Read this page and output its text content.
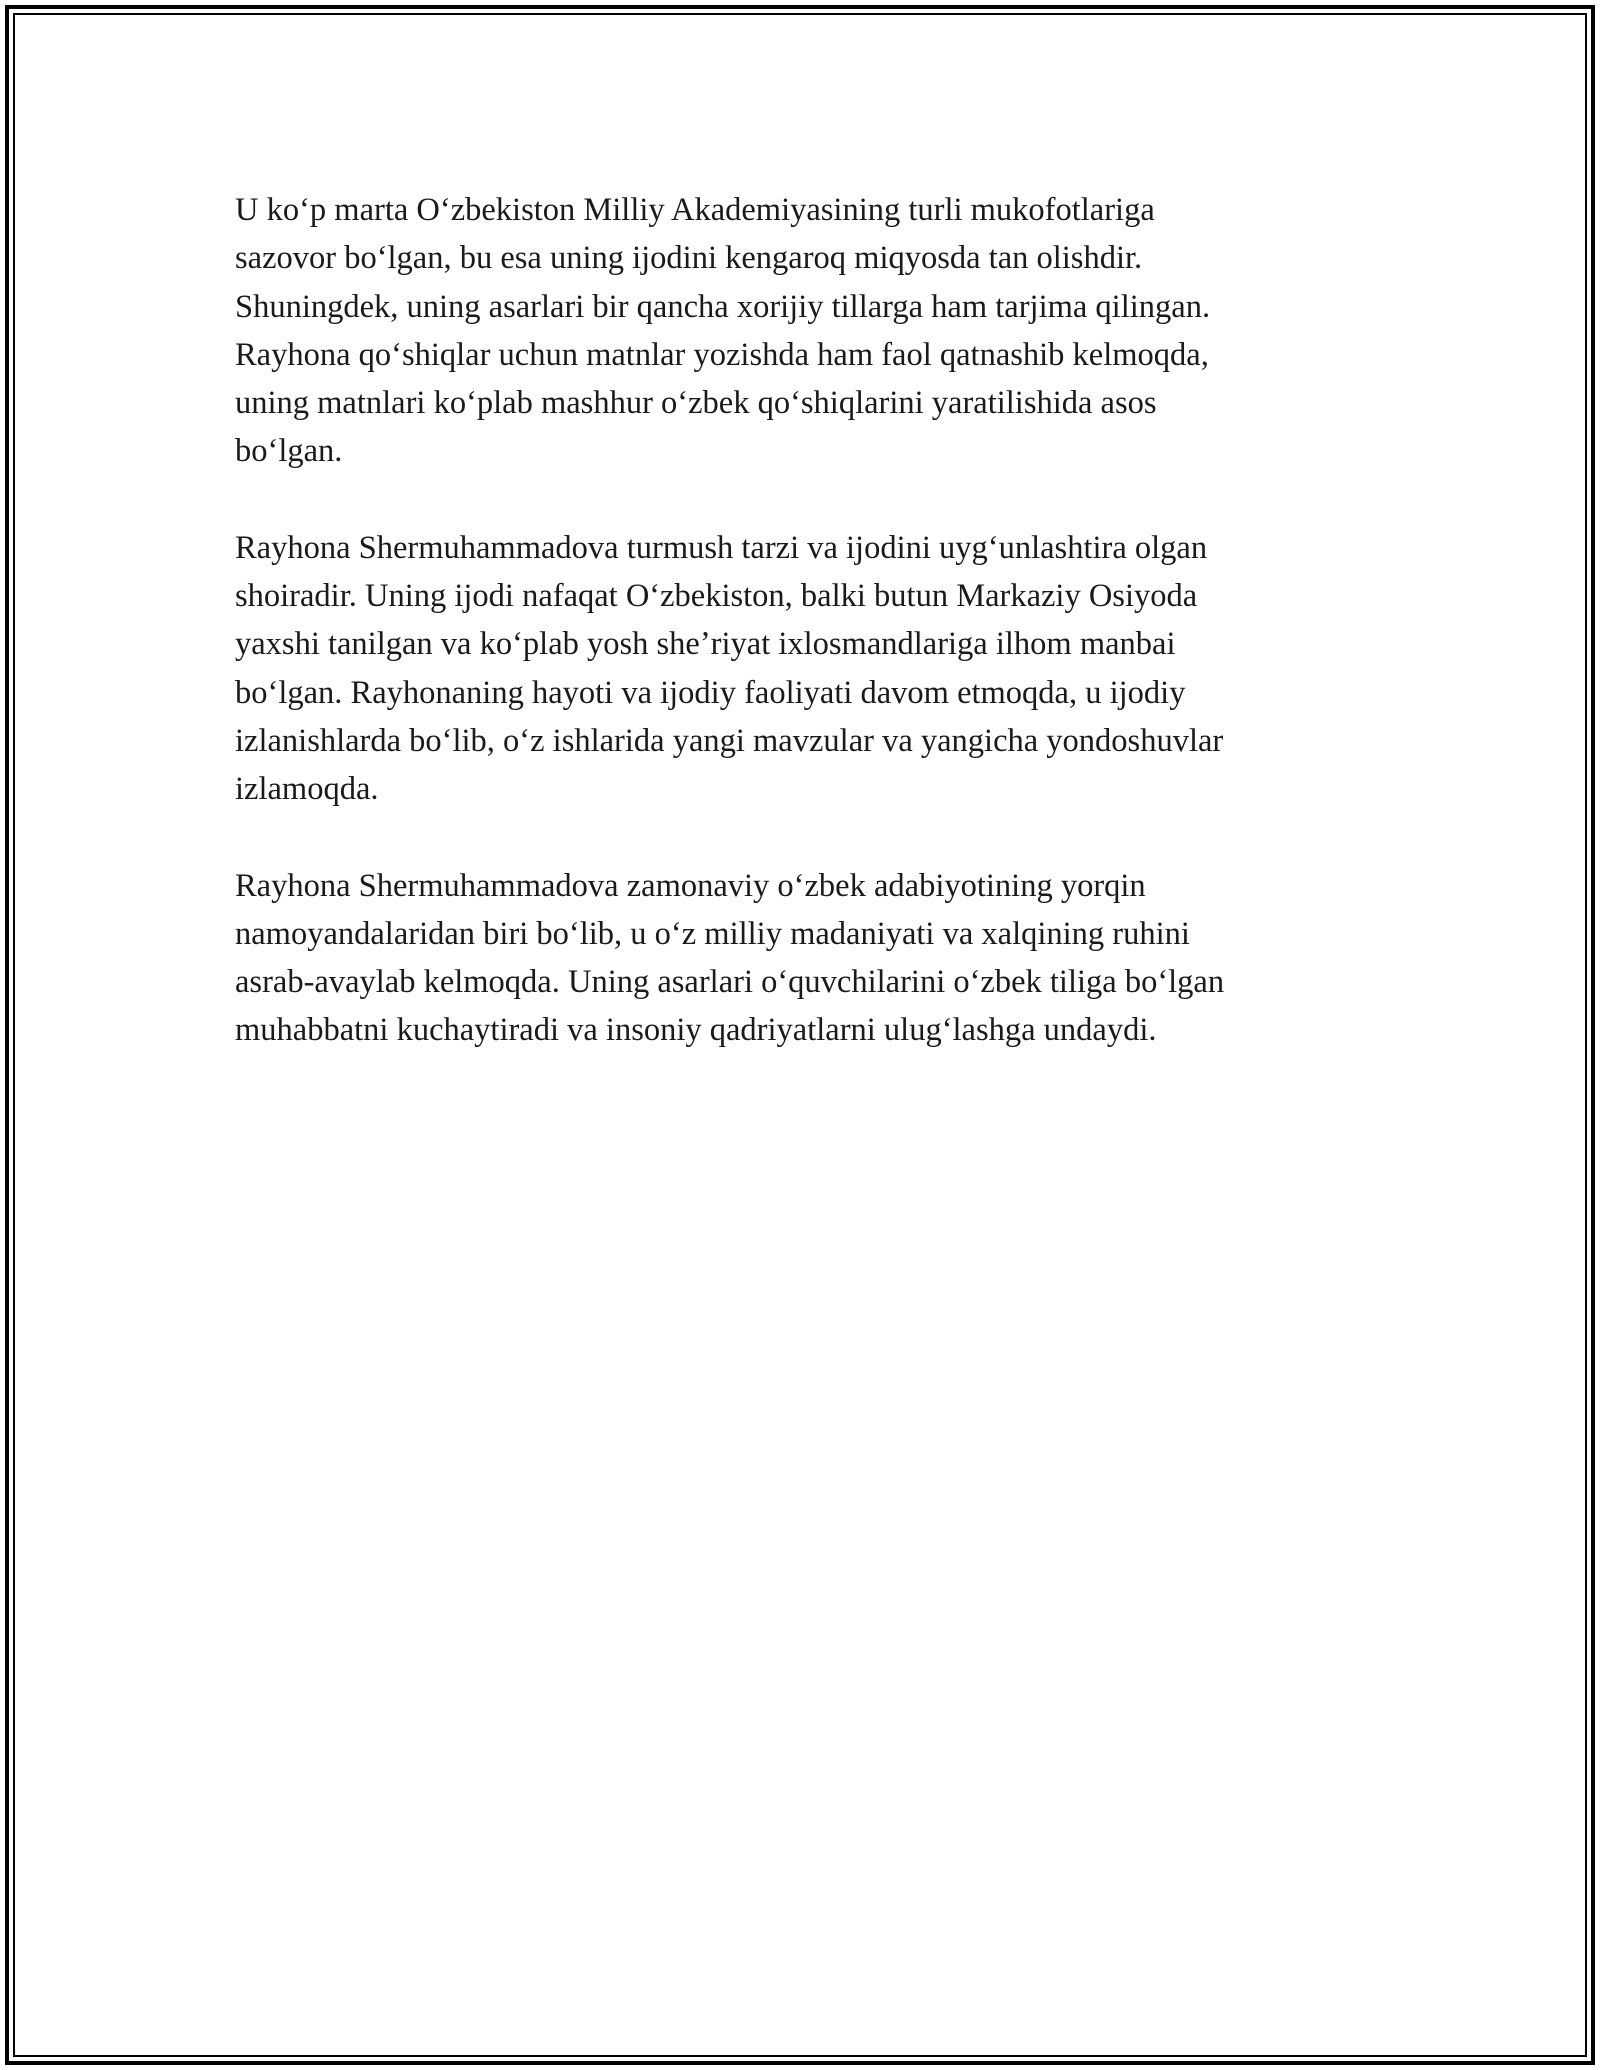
U koʻp marta Oʻzbekiston Milliy Akademiyasining turli mukofotlariga
sazovor boʻlgan, bu esa uning ijodini kengaroq miqyosda tan olishdir.
Shuningdek, uning asarlari bir qancha xorijiy tillarga ham tarjima qilingan.
Rayhona qoʻshiqlar uchun matnlar yozishda ham faol qatnashib kelmoqda,
uning matnlari koʻplab mashhur oʻzbek qoʻshiqlarini yaratilishida asos
boʻlgan.

Rayhona Shermuhammadova turmush tarzi va ijodini uygʻunlashtira olgan
shoiradir. Uning ijodi nafaqat Oʻzbekiston, balki butun Markaziy Osiyoda
yaxshi tanilgan va koʻplab yosh sheʼriyat ixlosmandlariga ilhom manbai
boʻlgan. Rayhonaning hayoti va ijodiy faoliyati davom etmoqda, u ijodiy
izlanishlarda boʻlib, oʻz ishlarida yangi mavzular va yangicha yondoshuvlar
izlamoqda.

Rayhona Shermuhammadova zamonaviy oʻzbek adabiyotining yorqin
namoyandalaridan biri boʻlib, u oʻz milliy madaniyati va xalqining ruhini
asrab-avaylab kelmoqda. Uning asarlari oʻquvchilarini oʻzbek tiliga boʻlgan
muhabbatni kuchaytiradi va insoniy qadriyatlarni ulugʻlashga undaydi.
